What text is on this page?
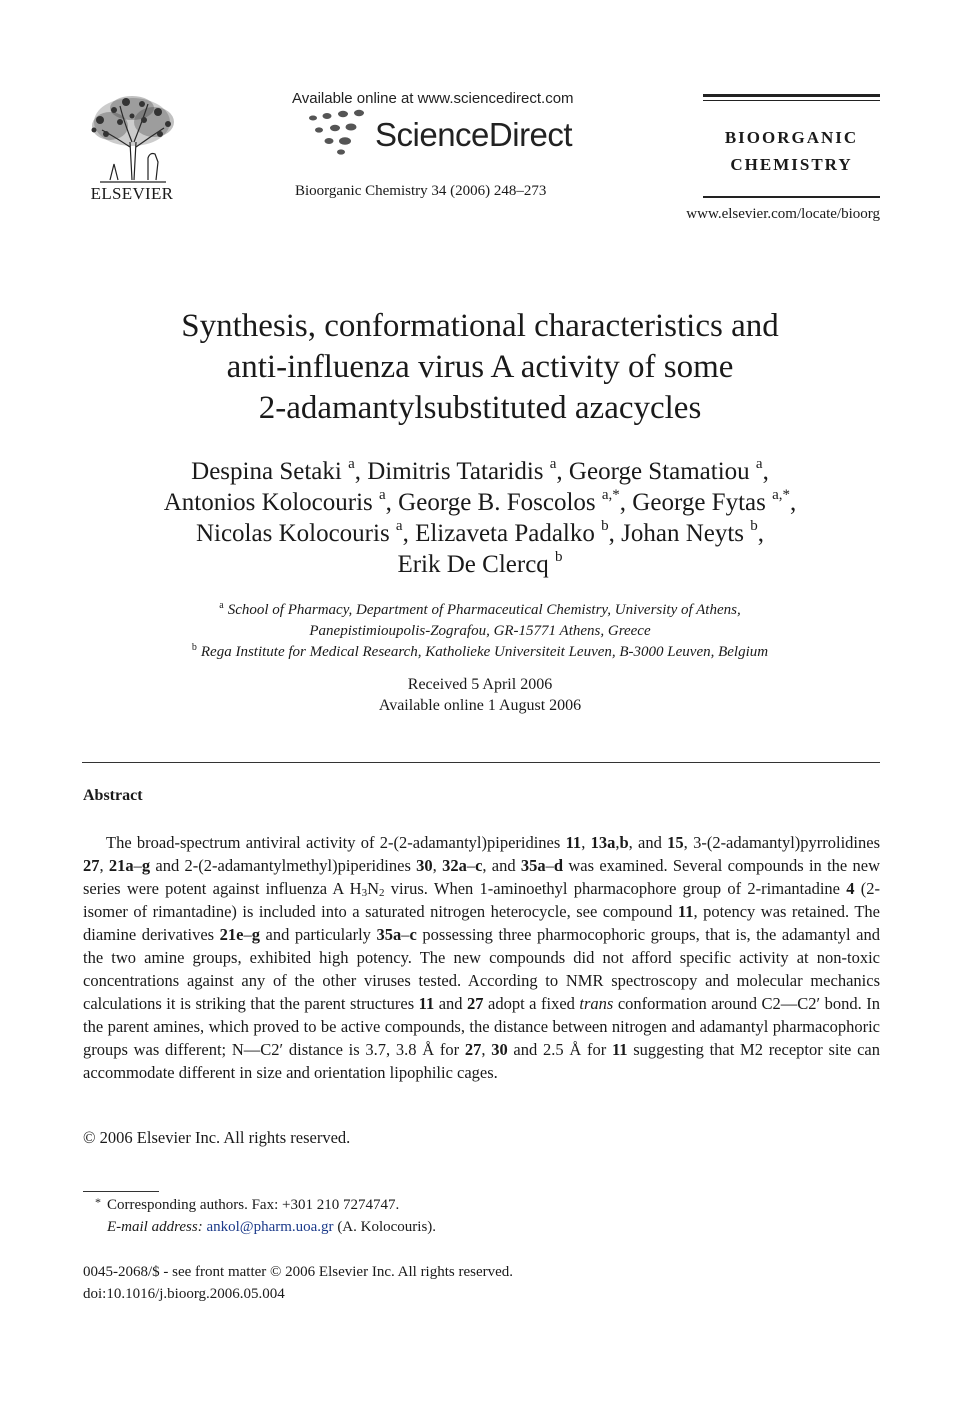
ELSEVIER
Available online at www.sciencedirect.com
ScienceDirect
Bioorganic Chemistry 34 (2006) 248–273
BIOORGANIC
CHEMISTRY
www.elsevier.com/locate/bioorg
Synthesis, conformational characteristics and
anti-influenza virus A activity of some
2-adamantylsubstituted azacycles
Despina Setaki $^a$, Dimitris Tataridis $^a$, George Stamatiou $^a$,
Antonios Kolocouris $^a$, George B. Foscolos $^{a,*}$, George Fytas $^{a,*}$,
Nicolas Kolocouris $^a$, Elizaveta Padalko $^b$, Johan Neyts $^b$,
Erik De Clercq $^b$
$^a$ School of Pharmacy, Department of Pharmaceutical Chemistry, University of Athens,
Panepistimioupolis-Zografou, GR-15771 Athens, Greece
$^b$ Rega Institute for Medical Research, Katholieke Universiteit Leuven, B-3000 Leuven, Belgium
Received 5 April 2006
Available online 1 August 2006
Abstract

The broad-spectrum antiviral activity of 2-(2-adamantyl)piperidines 11, 13a,b, and 15, 3-(2-adamantyl)pyrrolidines 27, 21a–g and 2-(2-adamantylmethyl)piperidines 30, 32a–c, and 35a–d was examined. Several compounds in the new series were potent against influenza A $H_3N_2$ virus. When 1-aminoethyl pharmacophore group of 2-rimantadine 4 (2-isomer of rimantadine) is included into a saturated nitrogen heterocycle, see compound 11, potency was retained. The diamine derivatives 21e–g and particularly 35a–c possessing three pharmocophoric groups, that is, the adamantyl and the two amine groups, exhibited high potency. The new compounds did not afford specific activity at non-toxic concentrations against any of the other viruses tested. According to NMR spectroscopy and molecular mechanics calculations it is striking that the parent structures 11 and 27 adopt a fixed trans conformation around C2—C2′ bond. In the parent amines, which proved to be active compounds, the distance between nitrogen and adamantyl pharmacophoric groups was different; N—C2′ distance is 3.7, 3.8 Å for 27, 30 and 2.5 Å for 11 suggesting that M2 receptor site can accommodate different in size and orientation lipophilic cages.

© 2006 Elsevier Inc. All rights reserved.
* Corresponding authors. Fax: +301 210 7274747.
E-mail address: ankol@pharm.uoa.gr (A. Kolocouris).
0045-2068/$ - see front matter © 2006 Elsevier Inc. All rights reserved.
doi:10.1016/j.bioorg.2006.05.004
